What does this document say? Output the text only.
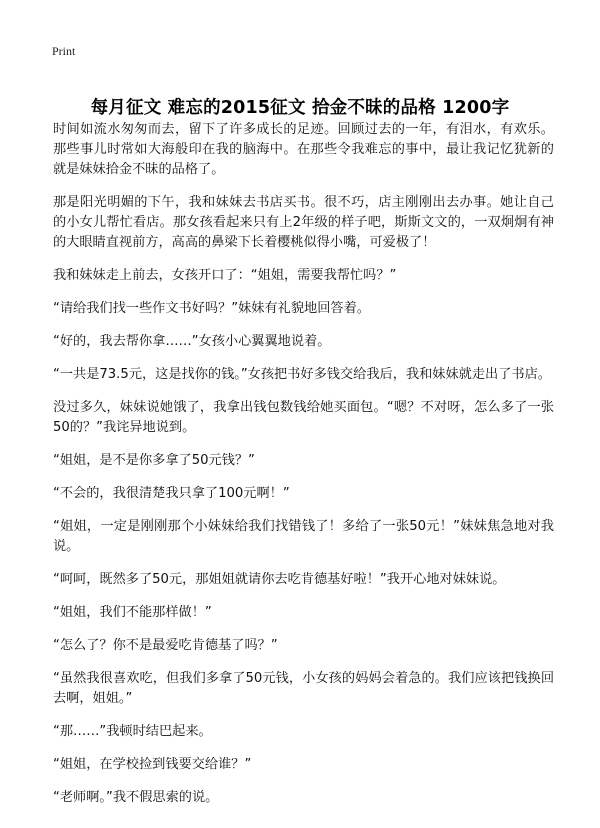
Print
每月征文 难忘的2015征文 拾金不昧的品格 1200字

时间如流水匆匆而去，留下了许多成长的足迹。回顾过去的一年，有泪水，有欢乐。那些事儿时常如大海般印在我的脑海中。在那些令我难忘的事中，最让我记忆犹新的就是妹妹拾金不昧的品格了。

那是阳光明媚的下午，我和妹妹去书店买书。很不巧，店主刚刚出去办事。她让自己的小女儿帮忙看店。那女孩看起来只有上2年级的样子吧，斯斯文文的，一双炯炯有神的大眼睛直视前方，高高的鼻梁下长着樱桃似得小嘴，可爱极了！

我和妹妹走上前去，女孩开口了：“姐姐，需要我帮忙吗？”

“请给我们找一些作文书好吗？”妹妹有礼貌地回答着。

“好的，我去帮你拿……”女孩小心翼翼地说着。

“一共是73.5元，这是找你的钱。”女孩把书好多钱交给我后，我和妹妹就走出了书店。

没过多久，妹妹说她饿了，我拿出钱包数钱给她买面包。“嗯？不对呀，怎么多了一张50的？”我诧异地说到。

“姐姐，是不是你多拿了50元钱？”

“不会的，我很清楚我只拿了100元啊！”

“姐姐，一定是刚刚那个小妹妹给我们找错钱了！多给了一张50元！”妹妹焦急地对我说。

“呵呵，既然多了50元，那姐姐就请你去吃肯德基好啦！”我开心地对妹妹说。

“姐姐，我们不能那样做！”

“怎么了？你不是最爱吃肯德基了吗？”

“虽然我很喜欢吃，但我们多拿了50元钱，小女孩的妈妈会着急的。我们应该把钱换回去啊，姐姐。”

“那……”我顿时结巴起来。

“姐姐，在学校捡到钱要交给谁？”

“老师啊。”我不假思索的说。
